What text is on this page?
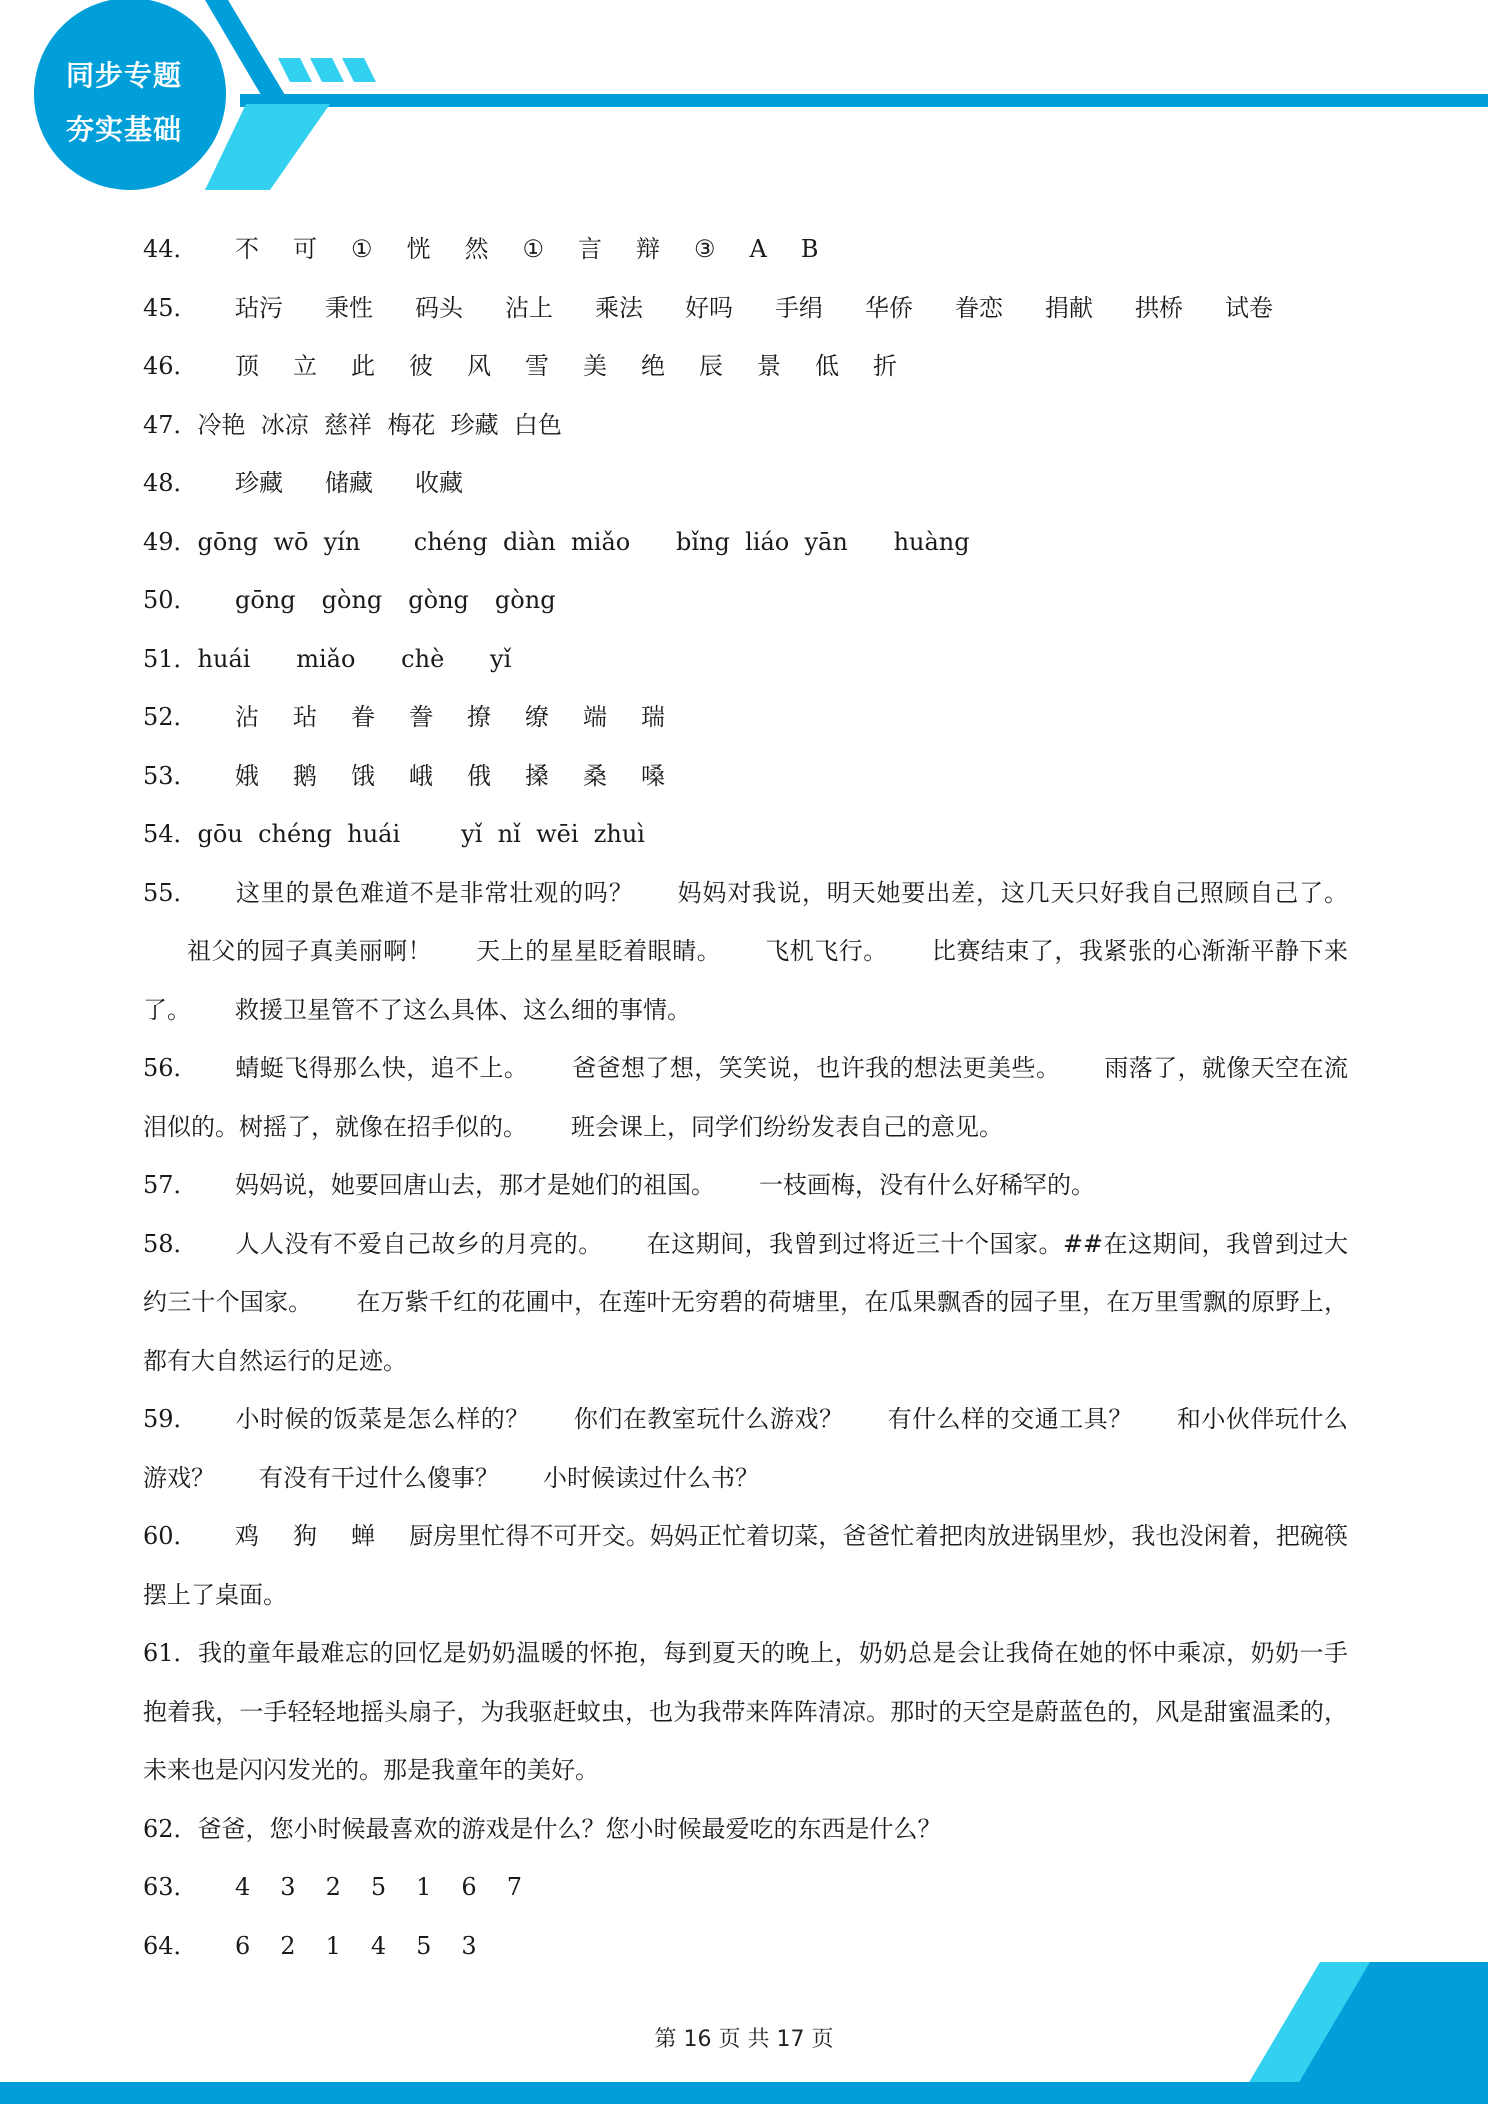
同步专题
夯实基础

44． 不 可 ① 恍 然 ① 言 辩 ③ A B

45． 玷污 秉性 码头 沾上 乘法 好吗 手绢 华侨 眷恋 捐献 拱桥 试卷

46． 顶 立 此 彼 风 雪 美 绝 辰 景 低 折

47．冷艳  冰凉  慈祥  梅花  珍藏  白色

48． 珍藏 储藏 收藏

49．gōng  wō  yín       chéng  diàn  miǎo      bǐng  liáo  yān      huàng

50． gōng gòng gòng gòng

51．huái      miǎo      chè      yǐ

52． 沾 玷 眷 誊 撩 缭 端 瑞

53． 娥 鹅 饿 峨 俄 搡 桑 嗓

54．gōu  chéng  huái        yǐ  nǐ  wēi  zhuì

55． 这里的景色难道不是非常壮观的吗？ 妈妈对我说，明天她要出差，这几天只好我自己照顾自己了。祖父的园子真美丽啊！ 天上的星星眨着眼睛。 飞机飞行。 比赛结束了，我紧张的心渐渐平静下来了。 救援卫星管不了这么具体、这么细的事情。

56． 蜻蜓飞得那么快，追不上。 爸爸想了想，笑笑说，也许我的想法更美些。 雨落了，就像天空在流泪似的。树摇了，就像在招手似的。 班会课上，同学们纷纷发表自己的意见。

57． 妈妈说，她要回唐山去，那才是她们的祖国。 一枝画梅，没有什么好稀罕的。

58． 人人没有不爱自己故乡的月亮的。 在这期间，我曾到过将近三十个国家。##在这期间，我曾到过大约三十个国家。 在万紫千红的花圃中，在莲叶无穷碧的荷塘里，在瓜果飘香的园子里，在万里雪飘的原野上，都有大自然运行的足迹。

59． 小时候的饭菜是怎么样的？ 你们在教室玩什么游戏？ 有什么样的交通工具？ 和小伙伴玩什么游戏？ 有没有干过什么傻事？ 小时候读过什么书？

60． 鸡 狗 蝉 厨房里忙得不可开交。妈妈正忙着切菜，爸爸忙着把肉放进锅里炒，我也没闲着，把碗筷摆上了桌面。

61．我的童年最难忘的回忆是奶奶温暖的怀抱，每到夏天的晚上，奶奶总是会让我倚在她的怀中乘凉，奶奶一手抱着我，一手轻轻地摇头扇子，为我驱赶蚊虫，也为我带来阵阵清凉。那时的天空是蔚蓝色的，风是甜蜜温柔的，未来也是闪闪发光的。那是我童年的美好。

62．爸爸，您小时候最喜欢的游戏是什么？您小时候最爱吃的东西是什么？

63． 4 3 2 5 1 6 7

64． 6 2 1 4 5 3

第 16 页 共 17 页
